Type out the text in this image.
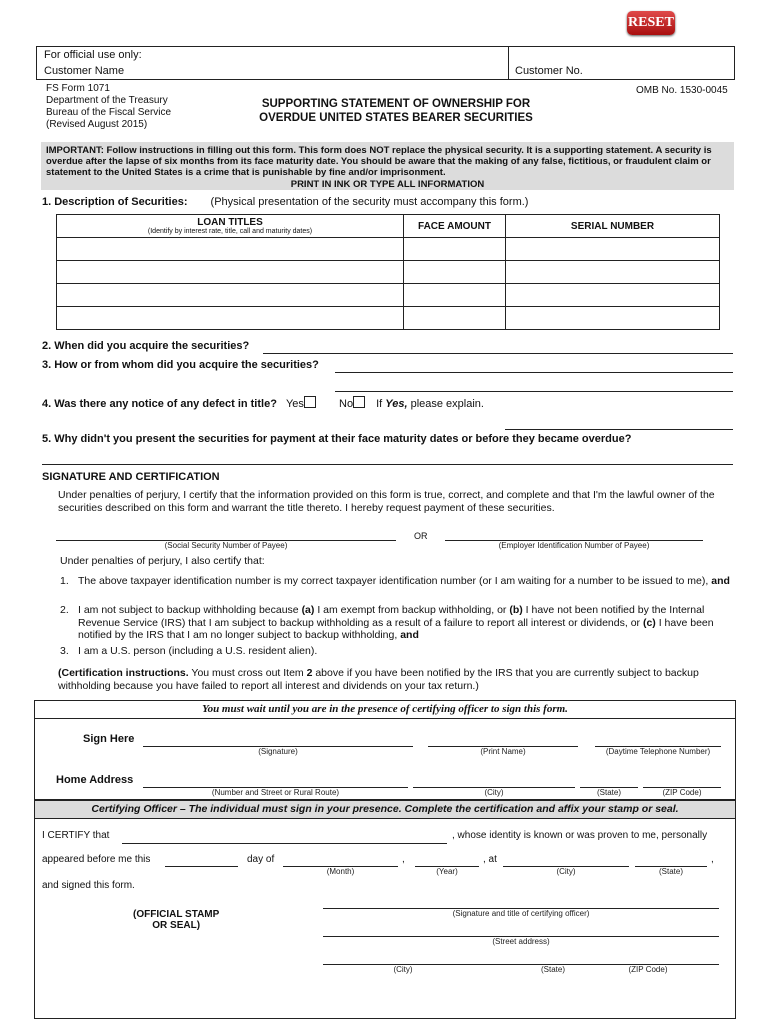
RESET
For official use only:
Customer Name	Customer No.
FS Form 1071
Department of the Treasury
Bureau of the Fiscal Service
(Revised August 2015)
OMB No. 1530-0045
SUPPORTING STATEMENT OF OWNERSHIP FOR
OVERDUE UNITED STATES BEARER SECURITIES

IMPORTANT: Follow instructions in filling out this form. This form does NOT replace the physical security. It is a supporting statement. A security is overdue after the lapse of six months from its face maturity date. You should be aware that the making of any false, fictitious, or fraudulent claim or statement to the United States is a crime that is punishable by fine and/or imprisonment.

PRINT IN INK OR TYPE ALL INFORMATION

1. Description of Securities: (Physical presentation of the security must accompany this form.)
LOAN TITLES
(Identify by interest rate, title, call and maturity dates)	FACE AMOUNT	SERIAL NUMBER

2. When did you acquire the securities?
3. How or from whom did you acquire the securities?
4. Was there any notice of any defect in title? Yes	No If Yes, please explain.
5. Why didn't you present the securities for payment at their face maturity dates or before they became overdue?
SIGNATURE AND CERTIFICATION
Under penalties of perjury, I certify that the information provided on this form is true, correct, and complete and that I'm the lawful owner of the securities described on this form and warrant the title thereto. I hereby request payment of these securities.
(Social Security Number of Payee)
OR
(Employer Identification Number of Payee)
Under penalties of perjury, I also certify that:
1. The above taxpayer identification number is my correct taxpayer identification number (or I am waiting for a number to be issued to me), and
2. I am not subject to backup withholding because (a) I am exempt from backup withholding, or (b) I have not been notified by the Internal Revenue Service (IRS) that I am subject to backup withholding as a result of a failure to report all interest or dividends, or (c) I have been notified by the IRS that I am no longer subject to backup withholding, and
3. I am a U.S. person (including a U.S. resident alien).
(Certification instructions. You must cross out Item 2 above if you have been notified by the IRS that you are currently subject to backup withholding because you have failed to report all interest and dividends on your tax return.)
You must wait until you are in the presence of certifying officer to sign this form.
Sign Here
(Signature)	(Print Name)	(Daytime Telephone Number)
Home Address
(Number and Street or Rural Route)	(City)	(State)	(ZIP Code)
Certifying Officer – The individual must sign in your presence. Complete the certification and affix your stamp or seal.
I CERTIFY that	, whose identity is known or was proven to me, personally
appeared before me this	day of
(Month)
,
(Year)
, at
(City)	(State)
,
and signed this form.
(OFFICIAL STAMP
OR SEAL)
(Signature and title of certifying officer)
(Street address)
(City)	(State)	(ZIP Code)
